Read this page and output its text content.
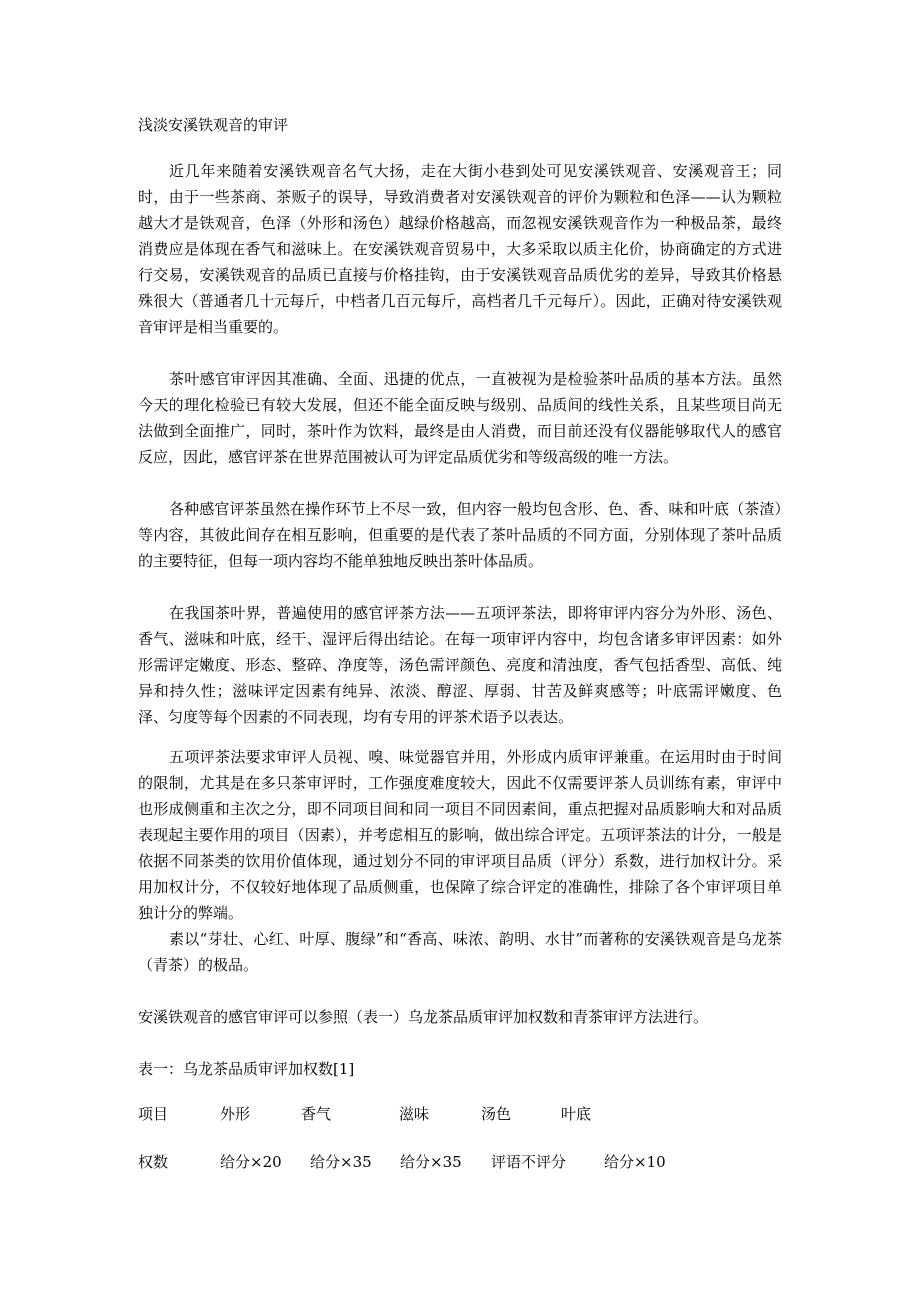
浅淡安溪铁观音的审评

近几年来随着安溪铁观音名气大扬，走在大街小巷到处可见安溪铁观音、安溪观音王；同时，由于一些茶商、茶贩子的误导，导致消费者对安溪铁观音的评价为颗粒和色泽——认为颗粒越大才是铁观音，色泽（外形和汤色）越绿价格越高，而忽视安溪铁观音作为一种极品茶，最终消费应是体现在香气和滋味上。在安溪铁观音贸易中，大多采取以质主化价，协商确定的方式进行交易，安溪铁观音的品质已直接与价格挂钩，由于安溪铁观音品质优劣的差异，导致其价格悬殊很大（普通者几十元每斤，中档者几百元每斤，高档者几千元每斤）。因此，正确对待安溪铁观音审评是相当重要的。

茶叶感官审评因其准确、全面、迅捷的优点，一直被视为是检验茶叶品质的基本方法。虽然今天的理化检验已有较大发展，但还不能全面反映与级别、品质间的线性关系，且某些项目尚无法做到全面推广，同时，茶叶作为饮料，最终是由人消费，而目前还没有仪器能够取代人的感官反应，因此，感官评茶在世界范围被认可为评定品质优劣和等级高级的唯一方法。

各种感官评茶虽然在操作环节上不尽一致，但内容一般均包含形、色、香、味和叶底（茶渣）等内容，其彼此间存在相互影响，但重要的是代表了茶叶品质的不同方面，分别体现了茶叶品质的主要特征，但每一项内容均不能单独地反映出茶叶体品质。

在我国茶叶界，普遍使用的感官评茶方法——五项评茶法，即将审评内容分为外形、汤色、香气、滋味和叶底，经干、湿评后得出结论。在每一项审评内容中，均包含诸多审评因素：如外形需评定嫩度、形态、整碎、净度等，汤色需评颜色、亮度和清浊度，香气包括香型、高低、纯异和持久性；滋味评定因素有纯异、浓淡、醇涩、厚弱、甘苦及鲜爽感等；叶底需评嫩度、色泽、匀度等每个因素的不同表现，均有专用的评茶术语予以表达。

五项评茶法要求审评人员视、嗅、味觉器官并用，外形成内质审评兼重。在运用时由于时间的限制，尤其是在多只茶审评时，工作强度难度较大，因此不仅需要评茶人员训练有素，审评中也形成侧重和主次之分，即不同项目间和同一项目不同因素间，重点把握对品质影响大和对品质表现起主要作用的项目（因素），并考虑相互的影响，做出综合评定。五项评茶法的计分，一般是依据不同茶类的饮用价值体现，通过划分不同的审评项目品质（评分）系数，进行加权计分。采用加权计分，不仅较好地体现了品质侧重，也保障了综合评定的准确性，排除了各个审评项目单独计分的弊端。

素以“芽壮、心红、叶厚、腹绿”和“香高、味浓、韵明、水甘”而著称的安溪铁观音是乌龙茶（青茶）的极品。

安溪铁观音的感官审评可以参照（表一）乌龙茶品质审评加权数和青茶审评方法进行。

表一：乌龙茶品质审评加权数[1]

项目	外形	香气	滋味	汤色	叶底
权数	给分×20 给分×35 给分×35 评语不评分	给分×10
